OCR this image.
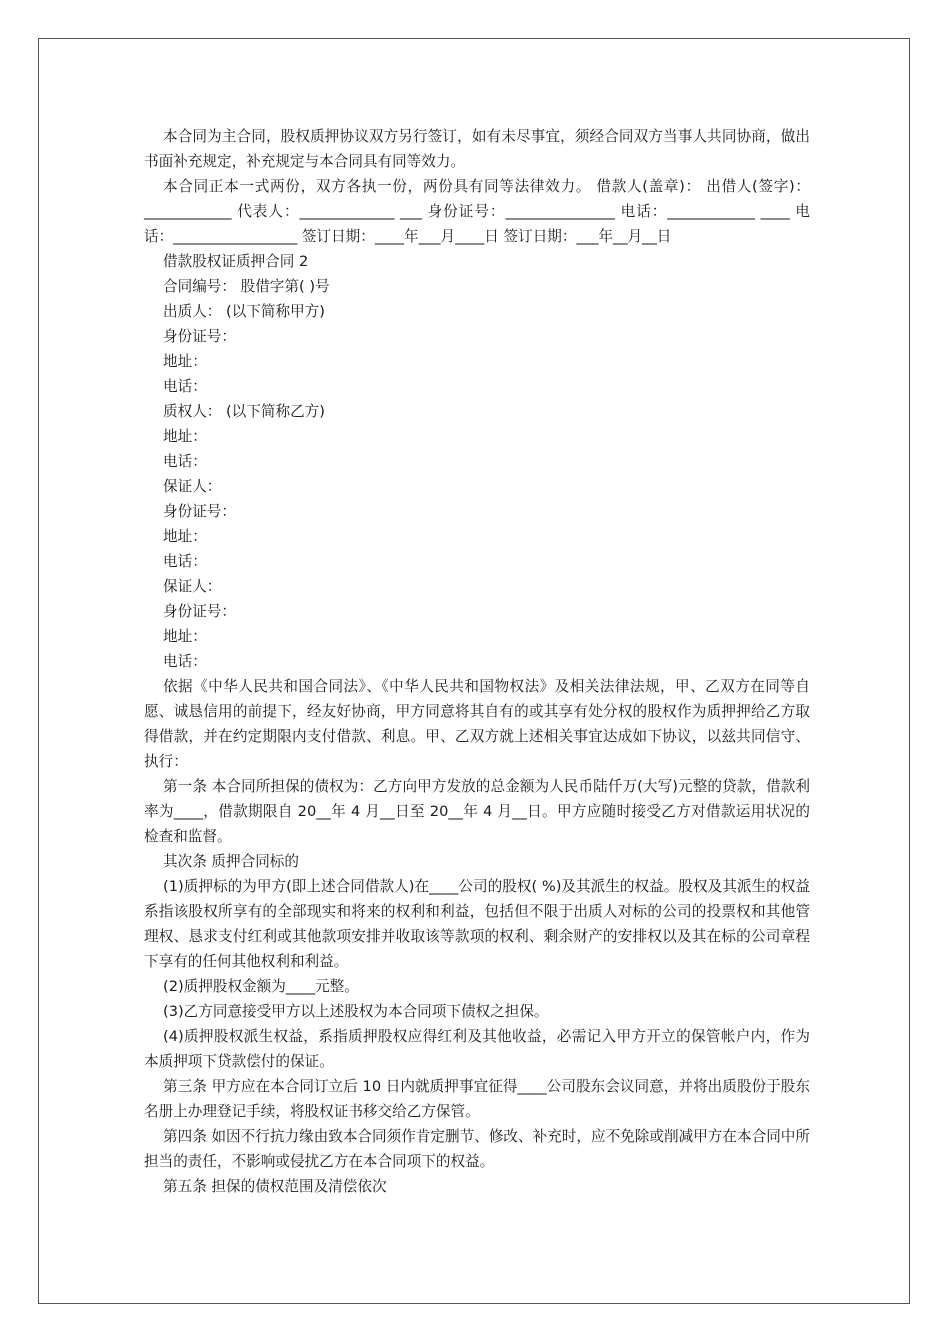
本合同为主合同，股权质押协议双方另行签订，如有未尽事宜，须经合同双方当事人共同协商，做出书面补充规定，补充规定与本合同具有同等效力。

本合同正本一式两份，双方各执一份，两份具有同等法律效力。 借款人(盖章)： 出借人(签字)：____________ 代表人：_____________ ___ 身份证号：_______________ 电话：____________ ____ 电话：_________________ 签订日期：____年___月____日 签订日期：___年__月__日

借款股权证质押合同 2

合同编号： 股借字第( )号

出质人： (以下简称甲方)

身份证号：

地址：

电话：

质权人： (以下简称乙方)

地址：

电话：

保证人：

身份证号：

地址：

电话：

保证人：

身份证号：

地址：

电话：

依据《中华人民共和国合同法》、《中华人民共和国物权法》及相关法律法规，甲、乙双方在同等自愿、诚恳信用的前提下，经友好协商，甲方同意将其自有的或其享有处分权的股权作为质押押给乙方取得借款，并在约定期限内支付借款、利息。甲、乙双方就上述相关事宜达成如下协议，以兹共同信守、执行：

第一条 本合同所担保的债权为：乙方向甲方发放的总金额为人民币陆仟万(大写)元整的贷款，借款利率为____，借款期限自 20__年 4 月__日至 20__年 4 月__日。甲方应随时接受乙方对借款运用状况的检查和监督。

其次条 质押合同标的

(1)质押标的为甲方(即上述合同借款人)在____公司的股权( %)及其派生的权益。股权及其派生的权益系指该股权所享有的全部现实和将来的权利和利益，包括但不限于出质人对标的公司的投票权和其他管理权、恳求支付红利或其他款项安排并收取该等款项的权利、剩余财产的安排权以及其在标的公司章程下享有的任何其他权利和利益。

(2)质押股权金额为____元整。

(3)乙方同意接受甲方以上述股权为本合同项下债权之担保。

(4)质押股权派生权益，系指质押股权应得红利及其他收益，必需记入甲方开立的保管帐户内，作为本质押项下贷款偿付的保证。

第三条 甲方应在本合同订立后 10 日内就质押事宜征得____公司股东会议同意，并将出质股份于股东名册上办理登记手续，将股权证书移交给乙方保管。

第四条 如因不行抗力缘由致本合同须作肯定删节、修改、补充时，应不免除或削减甲方在本合同中所担当的责任，不影响或侵扰乙方在本合同项下的权益。

第五条 担保的债权范围及清偿依次
